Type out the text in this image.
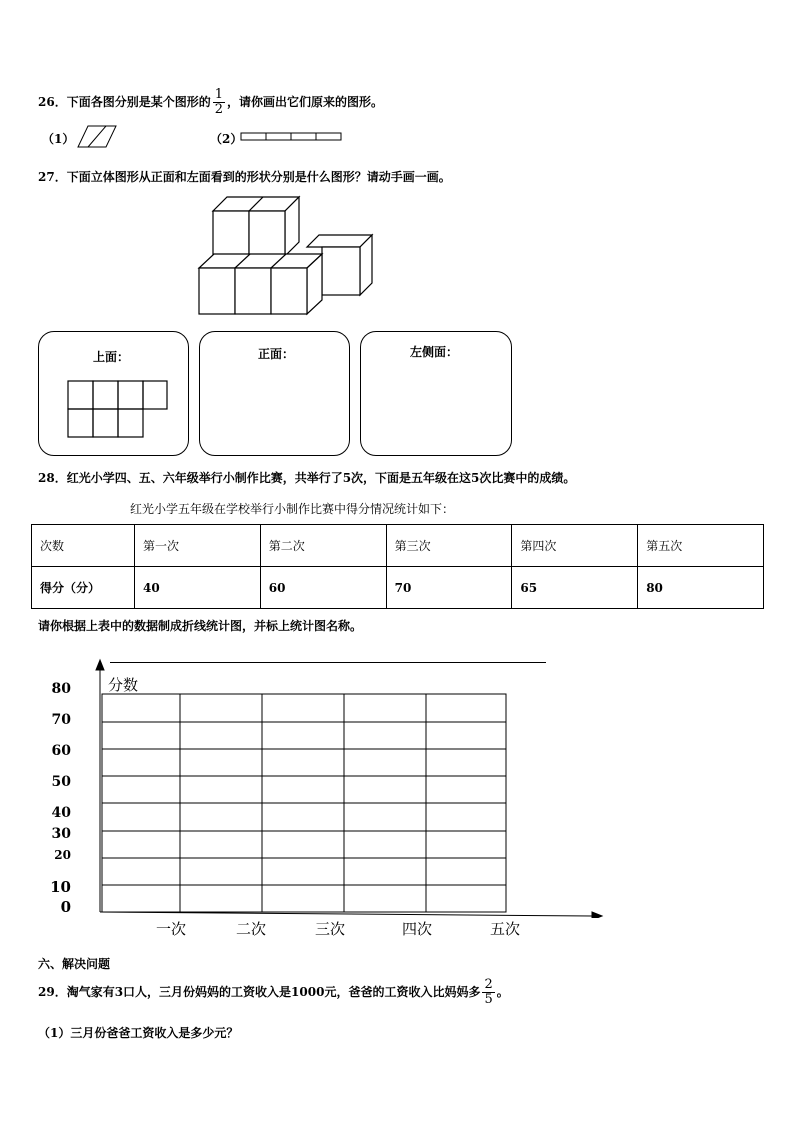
26．下面各图分别是某个图形的 $\frac{1}{2}$ ，请你画出它们原来的图形。
（1）	（2）
27．下面立体图形从正面和左面看到的形状分别是什么图形？请动手画一画。
上面：	正面：	左侧面：
28．红光小学四、五、六年级举行小制作比赛，共举行了5次，下面是五年级在这5次比赛中的成绩。
红光小学五年级在学校举行小制作比赛中得分情况统计如下：
次数	第一次	第二次	第三次	第四次	第五次
得分（分）	40	60	70	65	80
请你根据上表中的数据制成折线统计图，并标上统计图名称。
分数
80
70
60
50
40
30
20
10
0
一次	二次	三次	四次	五次
六、解决问题
29．淘气家有3口人，三月份妈妈的工资收入是1000元，爸爸的工资收入比妈妈多 $\frac{2}{5}$ 。
（1）三月份爸爸工资收入是多少元？
